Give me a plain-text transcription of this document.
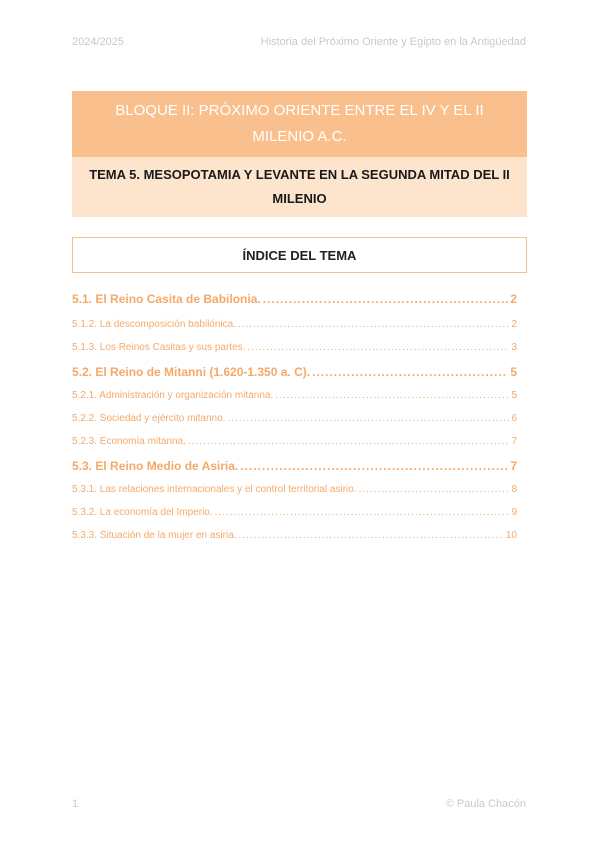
2024/2025	Historia del Próximo Oriente y Egipto en la Antigüedad
BLOQUE II: PRÓXIMO ORIENTE ENTRE EL IV Y EL II MILENIO A.C.
TEMA 5. MESOPOTAMIA Y LEVANTE EN LA SEGUNDA MITAD DEL II MILENIO
ÍNDICE DEL TEMA
5.1. El Reino Casita de Babilonia. .....	2
5.1.2. La descomposición babilónica. .....	2
5.1.3. Los Reinos Casitas y sus partes. .....	3
5.2. El Reino de Mitanni (1.620-1.350 a. C). .....	5
5.2.1. Administración y organización mitanna. .....	5
5.2.2. Sociedad y ejército mitanno. .....	6
5.2.3. Economía mitanna. .....	7
5.3. El Reino Medio de Asiria. .....	7
5.3.1. Las relaciones internacionales y el control territorial asirio. .....	8
5.3.2. La economía del Imperio. .....	9
5.3.3. Situación de la mujer en asiria. .....	10
1	© Paula Chacón
